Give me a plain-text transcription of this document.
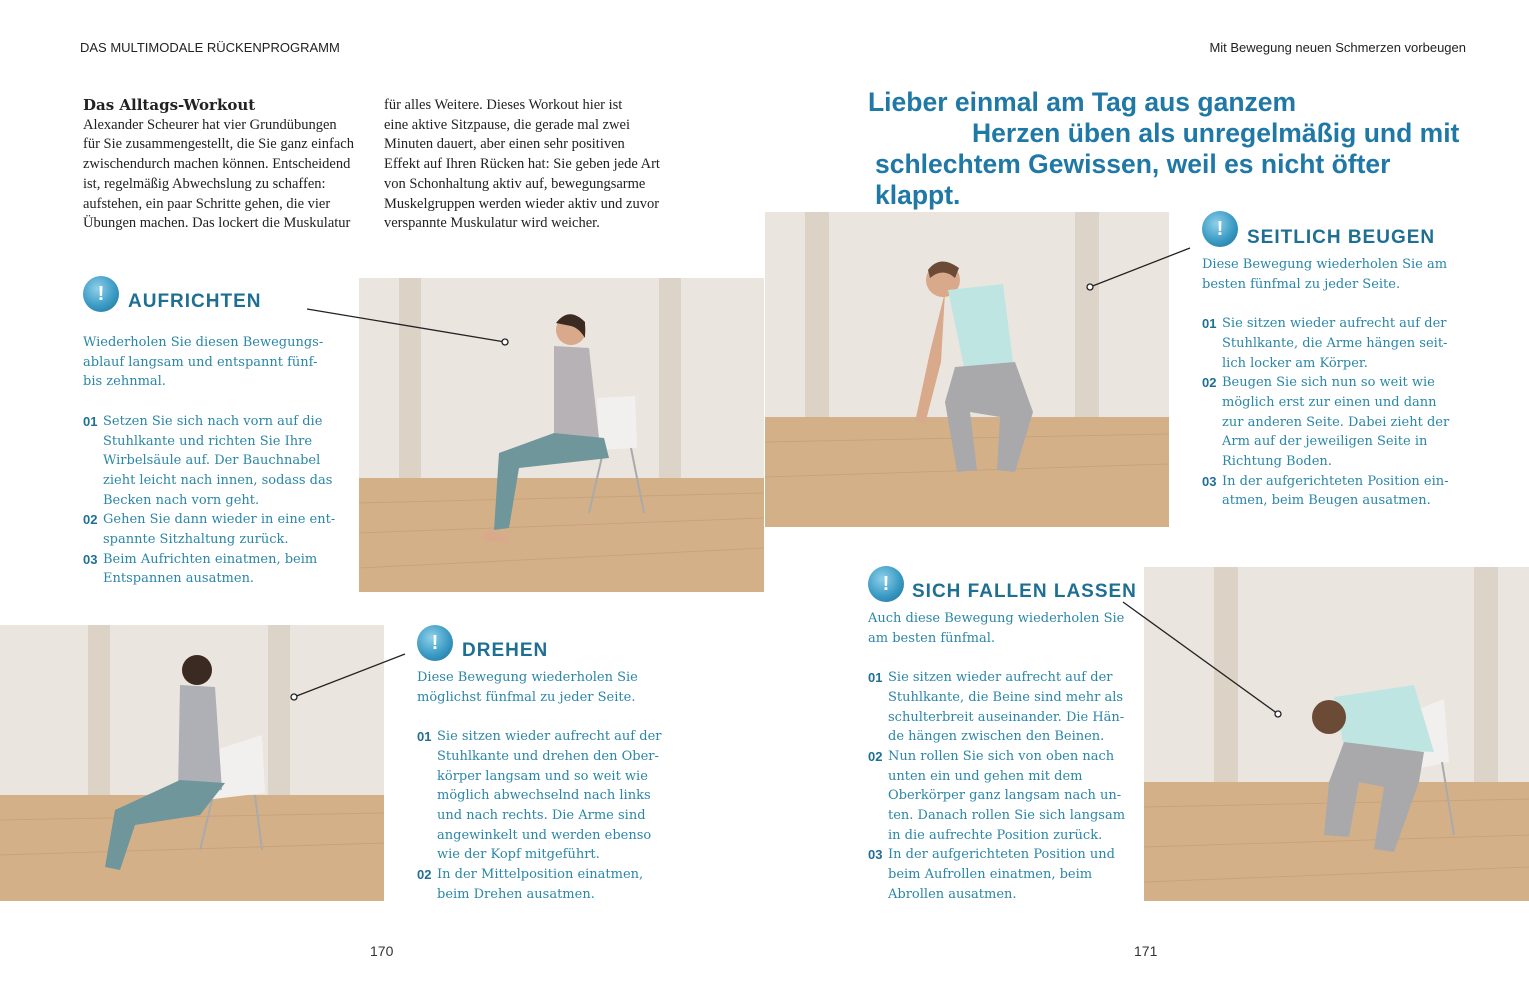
DAS MULTIMODALE RÜCKENPROGRAMM	Mit Bewegung neuen Schmerzen vorbeugen
Das Alltags-Workout

Alexander Scheurer hat vier Grundübungen

für Sie zusammengestellt, die Sie ganz einfach

zwischendurch machen können. Entscheidend

ist, regelmäßig Abwechslung zu schaffen:

aufstehen, ein paar Schritte gehen, die vier

Übungen machen. Das lockert die Muskulatur

für alles Weitere. Dieses Workout hier ist

eine aktive Sitzpause, die gerade mal zwei

Minuten dauert, aber einen sehr positiven

Effekt auf Ihren Rücken hat: Sie geben jede Art

von Schonhaltung aktiv auf, bewegungsarme

Muskelgruppen werden wieder aktiv und zuvor

verspannte Muskulatur wird weicher.

Lieber einmal am Tag aus ganzem
Herzen üben als unregelmäßig und mit
schlechtem Gewissen, weil es nicht öfter klappt.
!	AUFRICHTEN

Wiederholen Sie diesen Bewegungs-

ablauf langsam und entspannt fünf-

bis zehnmal.

01 Setzen Sie sich nach vorn auf die

Stuhlkante und richten Sie Ihre

Wirbelsäule auf. Der Bauchnabel

zieht leicht nach innen, sodass das

Becken nach vorn geht.

02 Gehen Sie dann wieder in eine ent-

spannte Sitzhaltung zurück.

03 Beim Aufrichten einatmen, beim

Entspannen ausatmen.

!	DREHEN

Diese Bewegung wiederholen Sie

möglichst fünfmal zu jeder Seite.

01 Sie sitzen wieder aufrecht auf der

Stuhlkante und drehen den Ober-

körper langsam und so weit wie

möglich abwechselnd nach links

und nach rechts. Die Arme sind

angewinkelt und werden ebenso

wie der Kopf mitgeführt.

02 In der Mittelposition einatmen,

beim Drehen ausatmen.

!	SEITLICH BEUGEN

Diese Bewegung wiederholen Sie am

besten fünfmal zu jeder Seite.

01 Sie sitzen wieder aufrecht auf der

Stuhlkante, die Arme hängen seit-

lich locker am Körper.

02 Beugen Sie sich nun so weit wie

möglich erst zur einen und dann

zur anderen Seite. Dabei zieht der

Arm auf der jeweiligen Seite in

Richtung Boden.

03 In der aufgerichteten Position ein-

atmen, beim Beugen ausatmen.

!	SICH FALLEN LASSEN

Auch diese Bewegung wiederholen Sie

am besten fünfmal.

01 Sie sitzen wieder aufrecht auf der

Stuhlkante, die Beine sind mehr als

schulterbreit auseinander. Die Hän-

de hängen zwischen den Beinen.

02 Nun rollen Sie sich von oben nach

unten ein und gehen mit dem

Oberkörper ganz langsam nach un-

ten. Danach rollen Sie sich langsam

in die aufrechte Position zurück.

03 In der aufgerichteten Position und

beim Aufrollen einatmen, beim

Abrollen ausatmen.

170	171
